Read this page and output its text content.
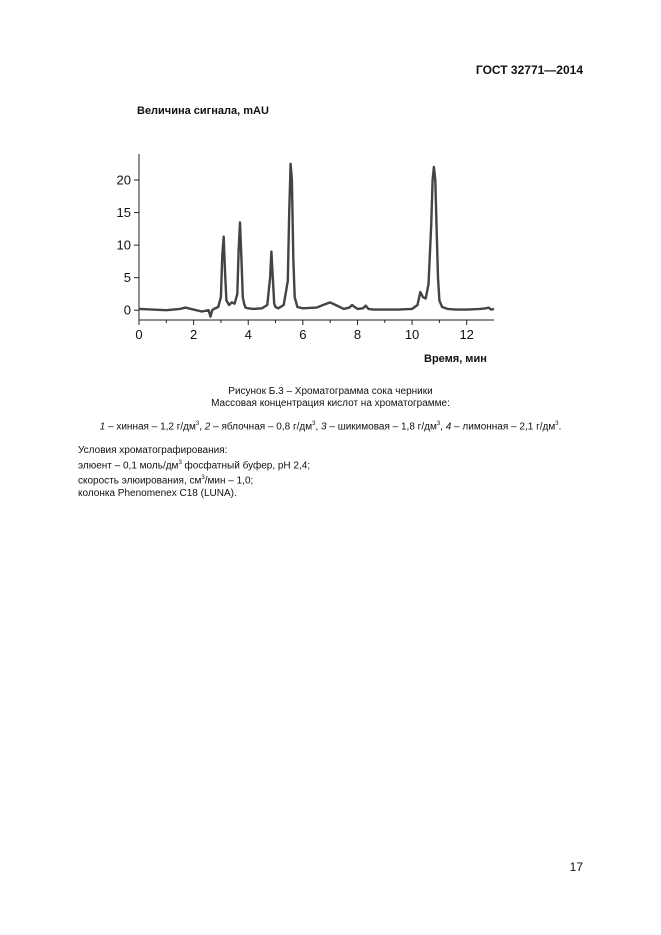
ГОСТ 32771—2014
Величина сигнала, mAU
0
5
10
15
20
0	2	4	6	8	10	12
Время, мин
Рисунок Б.3 – Хроматограмма сока черники
Массовая концентрация кислот на хроматограмме:
1 – хинная – 1,2 $г/дм^3$, 2 – яблочная – 0,8 $г/дм^3$, 3 – шикимовая – 1,8 $г/дм^3$, 4 – лимонная – 2,1 $г/дм^3$.
Условия хроматографирования:
элюент – 0,1 моль/$дм^3$ фосфатный буфер, pH 2,4;
скорость элюирования, $см^3$/мин – 1,0;
колонка Phenomenex C18 (LUNA).
17
